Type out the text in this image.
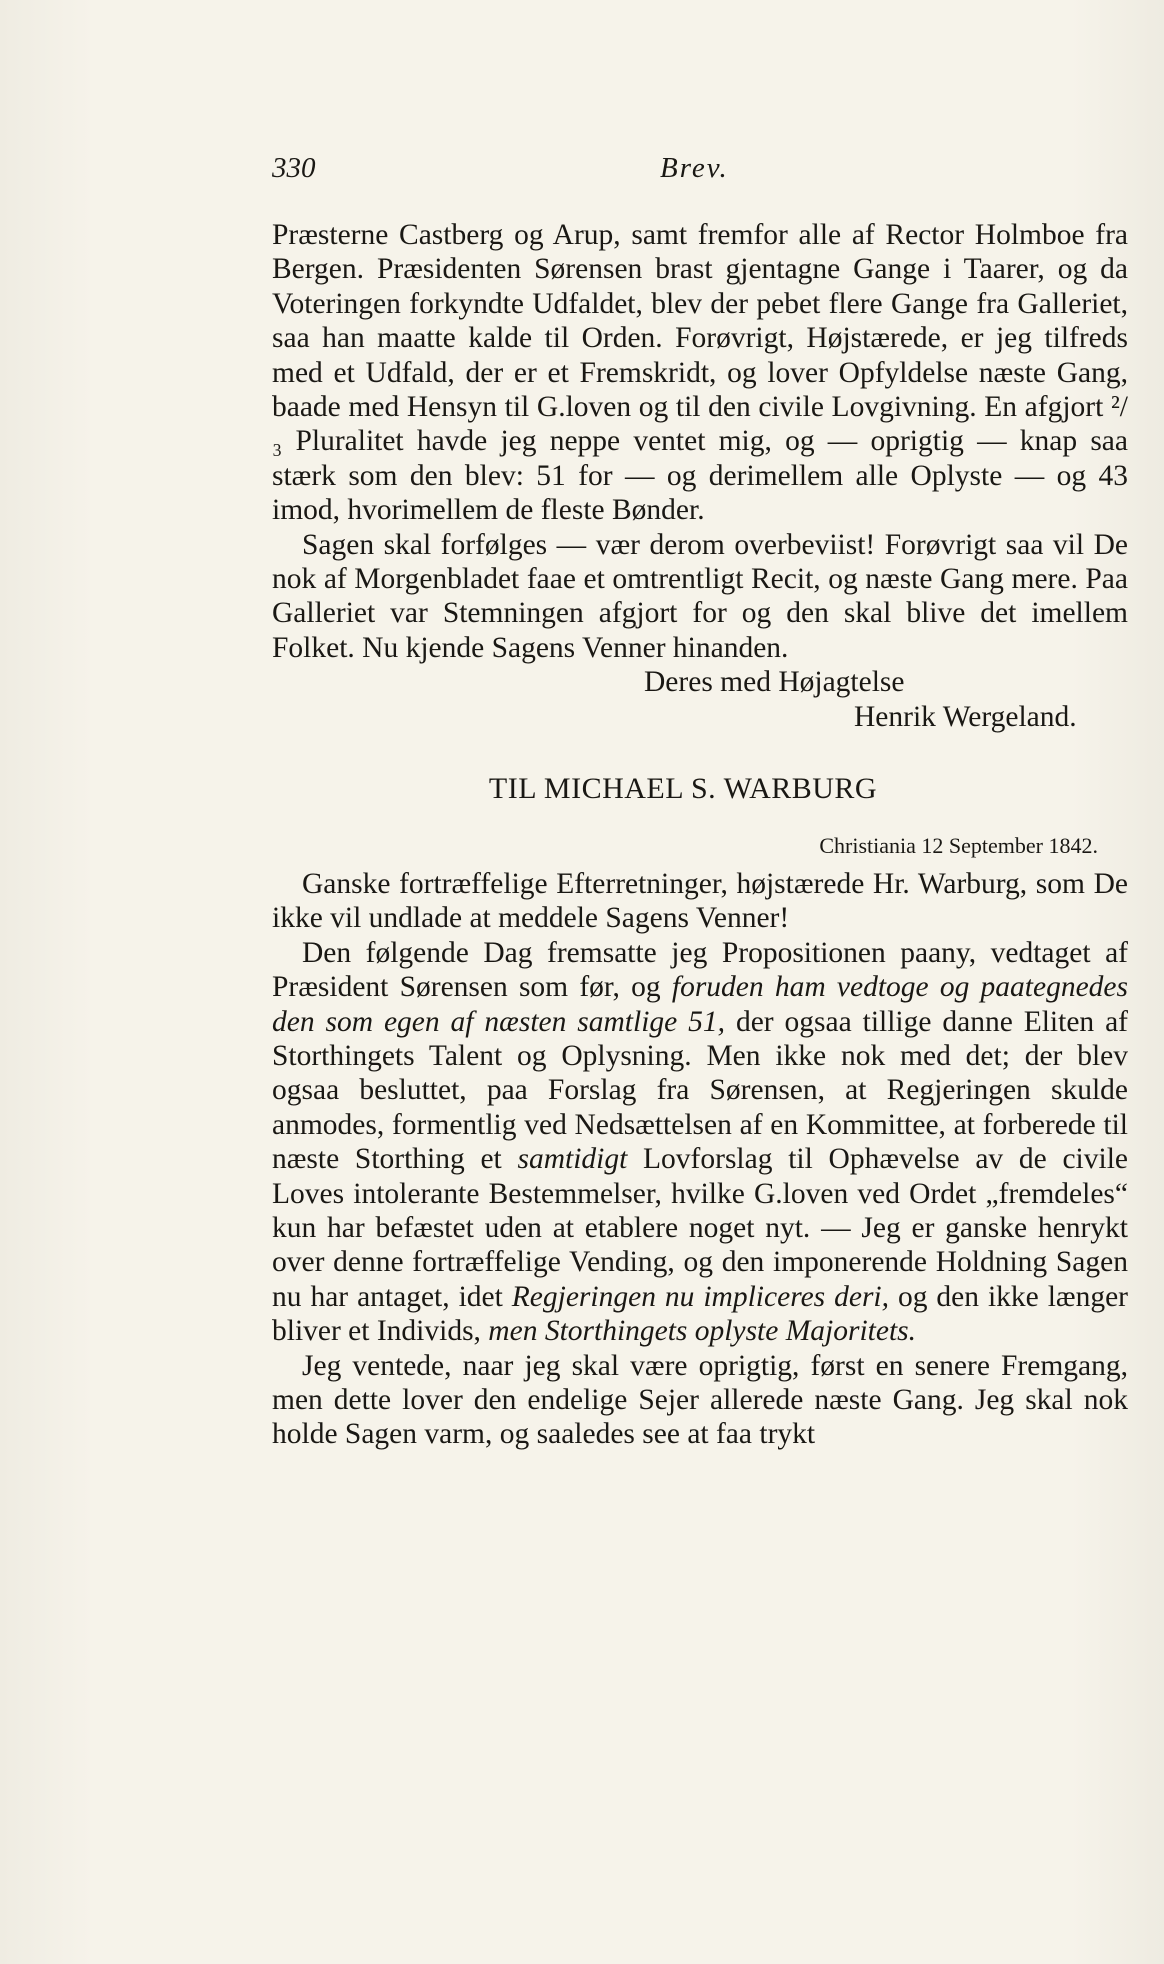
330	Brev.

Præsterne Castberg og Arup, samt fremfor alle af Rector Holmboe fra Bergen. Præsidenten Sørensen brast gjentagne Gange i Taarer, og da Voteringen forkyndte Udfaldet, blev der pebet flere Gange fra Galleriet, saa han maatte kalde til Orden. Forøvrigt, Højstærede, er jeg tilfreds med et Udfald, der er et Fremskridt, og lover Opfyldelse næste Gang, baade med Hensyn til G.loven og til den civile Lovgivning. En afgjort ²/₃ Pluralitet havde jeg neppe ventet mig, og — oprigtig — knap saa stærk som den blev: 51 for — og derimellem alle Oplyste — og 43 imod, hvorimellem de fleste Bønder.

Sagen skal forfølges — vær derom overbeviist! Forøvrigt saa vil De nok af Morgenbladet faae et omtrentligt Recit, og næste Gang mere. Paa Galleriet var Stemningen afgjort for og den skal blive det imellem Folket. Nu kjende Sagens Venner hinanden.

Deres med Højagtelse

Henrik Wergeland.

TIL MICHAEL S. WARBURG

Christiania 12 September 1842.

Ganske fortræffelige Efterretninger, højstærede Hr. Warburg, som De ikke vil undlade at meddele Sagens Venner!

Den følgende Dag fremsatte jeg Propositionen paany, vedtaget af Præsident Sørensen som før, og foruden ham vedtoge og paategnedes den som egen af næsten samtlige 51, der ogsaa tillige danne Eliten af Storthingets Talent og Oplysning. Men ikke nok med det; der blev ogsaa besluttet, paa Forslag fra Sørensen, at Regjeringen skulde anmodes, formentlig ved Nedsættelsen af en Kommittee, at forberede til næste Storthing et samtidigt Lovforslag til Ophævelse av de civile Loves intolerante Bestemmelser, hvilke G.loven ved Ordet „fremdeles“ kun har befæstet uden at etablere noget nyt. — Jeg er ganske henrykt over denne fortræffelige Vending, og den imponerende Holdning Sagen nu har antaget, idet Regjeringen nu impliceres deri, og den ikke længer bliver et Individs, men Storthingets oplyste Majoritets.

Jeg ventede, naar jeg skal være oprigtig, først en senere Fremgang, men dette lover den endelige Sejer allerede næste Gang. Jeg skal nok holde Sagen varm, og saaledes see at faa trykt
